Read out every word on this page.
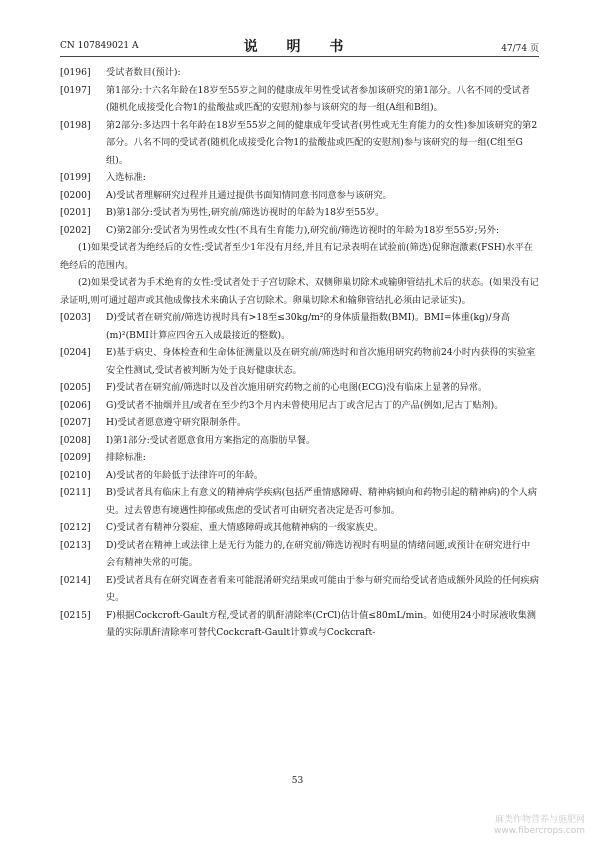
CN 107849021 A	说 明 书	47/74 页
[0196]	受试者数目(预计):
[0197]	第1部分:十六名年龄在18岁至55岁之间的健康成年男性受试者参加该研究的第1部分。八名不同的受试者(随机化成接受化合物1的盐酸盐或匹配的安慰剂)参与该研究的每一组(A组和B组)。
[0198]	第2部分:多达四十名年龄在18岁至55岁之间的健康成年受试者(男性或无生育能力的女性)参加该研究的第2部分。八名不同的受试者(随机化成接受化合物1的盐酸盐或匹配的安慰剂)参与该研究的每一组(C组至G组)。
[0199]	入选标准:
[0200]	A)受试者理解研究过程并且通过提供书面知情同意书同意参与该研究。
[0201]	B)第1部分:受试者为男性,研究前/筛选访视时的年龄为18岁至55岁。
[0202]	C)第2部分:受试者为男性或女性(不具有生育能力),研究前/筛选访视时的年龄为18岁至55岁;另外:
(1)如果受试者为绝经后的女性:受试者至少1年没有月经,并且有记录表明在试验前(筛选)促卵泡激素(FSH)水平在绝经后的范围内。
(2)如果受试者为手术绝育的女性:受试者处于子宫切除术、双侧卵巢切除术或输卵管结扎术后的状态。(如果没有记录证明,则可通过超声或其他成像技术来确认子宫切除术。卵巢切除术和输卵管结扎必须由记录证实)。
[0203]	D)受试者在研究前/筛选访视时具有>18至≤30kg/m²的身体质量指数(BMI)。BMI=体重(kg)/身高(m)²(BMI计算应四舍五入成最接近的整数)。
[0204]	E)基于病史、身体检查和生命体征测量以及在研究前/筛选时和首次施用研究药物前24小时内获得的实验室安全性测试,受试者被判断为处于良好健康状态。
[0205]	F)受试者在研究前/筛选时以及首次施用研究药物之前的心电图(ECG)没有临床上显著的异常。
[0206]	G)受试者不抽烟并且/或者在至少约3个月内未曾使用尼古丁或含尼古丁的产品(例如,尼古丁贴剂)。
[0207]	H)受试者愿意遵守研究限制条件。
[0208]	I)第1部分:受试者愿意食用方案指定的高脂肪早餐。
[0209]	排除标准:
[0210]	A)受试者的年龄低于法律许可的年龄。
[0211]	B)受试者具有临床上有意义的精神病学疾病(包括严重情感障碍、精神病倾向和药物引起的精神病)的个人病史。过去曾患有境遇性抑郁或焦虑的受试者可由研究者决定是否可参加。
[0212]	C)受试者有精神分裂症、重大情感障碍或其他精神病的一级家族史。
[0213]	D)受试者在精神上或法律上是无行为能力的,在研究前/筛选访视时有明显的情绪问题,或预计在研究进行中会有精神失常的可能。
[0214]	E)受试者具有在研究调查者看来可能混淆研究结果或可能由于参与研究而给受试者造成额外风险的任何疾病史。
[0215]	F)根据Cockcroft-Gault方程,受试者的肌酐清除率(CrCl)估计值≤80mL/min。如使用24小时尿液收集测量的实际肌酐清除率可替代Cockcraft-Gault计算或与Cockcraft-
53
麻类作物营养与施肥网
www.fibercrops.com
